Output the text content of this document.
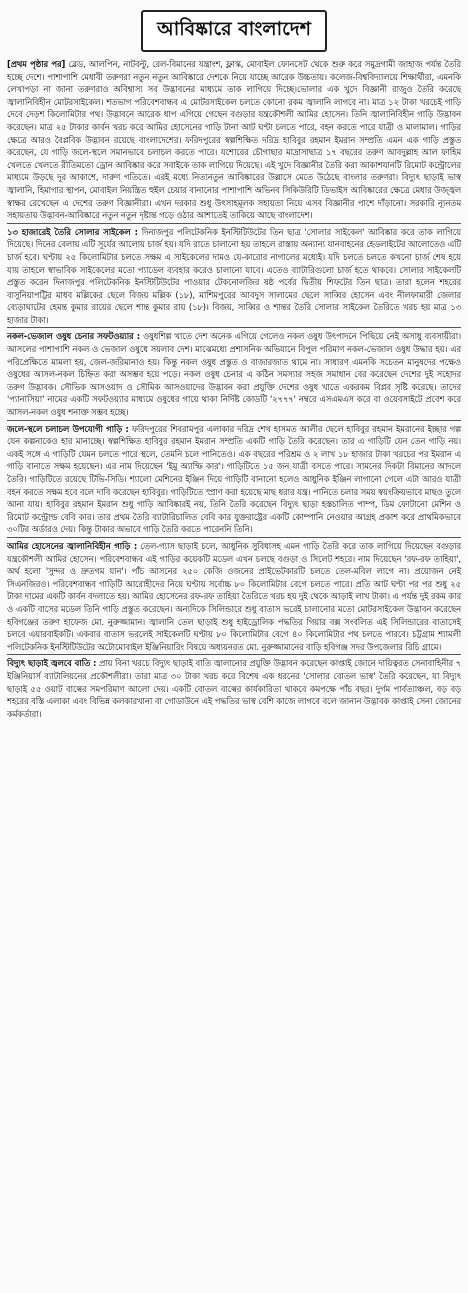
আবিষ্কারে বাংলাদেশ

[প্রথম পৃষ্ঠার পর] ব্লেড, আলপিন, নাটবল্টু, রেল-বিমানের যন্ত্রাংশ, ফ্লাস্ক, মোবাইল ফোনসেট থেকে শুরু করে সমুদ্রগামী জাহাজ পর্যন্ত তৈরি হচ্ছে দেশে। পাশাপাশি মেধাবী তরুণরা নতুন নতুন আবিষ্কারে দেশকে নিয়ে যাচ্ছে আরেক উচ্চতায়। কলেজ-বিশ্ববিদ্যালয়ে শিক্ষার্থীরা, এমনকি লেখাপড়া না জানা তরুণরাও অবিশ্বাস্য সব উদ্ভাবনের মাধ্যমে তাক লাগিয়ে দিচ্ছে।ভোলার এক খুদে বিজ্ঞানী রাজুও তৈরি করেছে জ্বালানিবিহীন মোটরসাইকেল। শতভাগ পরিবেশবান্ধব এ মোটরসাইকেল চলতে কোনো রকম জ্বালানি লাগবে না। মাত্র ১২ টাকা খরচেই গাড়ি দেবে দেড়শ কিলোমিটার পথ। উদ্ভাবনে আরেক ধাপ এগিয়ে গেছেন বগুড়ার যন্ত্রকৌশলী আমির হোসেন। তিনি জ্বালানিবিহীন গাড়ি উদ্ভাবন করেছেন। মাত্র ২৫ টাকার কার্বন খরচ করে আমির হোসেনের গাড়ি টানা আট ঘণ্টা চলতে পারে, বহন করতে পারে যাত্রী ও মালামাল। গাড়ির ক্ষেত্রে আরও বৈপ্লবিক উদ্ভাবন রয়েছে বাংলাদেশের। ফরিদপুরের স্বল্পশিক্ষিত দরিদ্র হাবিবুর রহমান ইমরান সম্প্রতি এমন এক গাড়ি প্রস্তুত করেছেন, যে গাড়ি জলে-স্থলে সমানভাবে চলাচল করতে পারে। যশোরের চৌগাছার মাদ্রাসাছাত্র ১৭ বছরের তরুণ আবদুল্লাহ আল ফাহিম খেলতে খেলতে রীতিমতো ড্রোন আবিষ্কার করে সবাইকে তাক লাগিয়ে দিয়েছে। এই খুদে বিজ্ঞানীর তৈরি করা আকাশযানটি রিমোট কন্ট্রোলের মাধ্যমে উড়ছে দূর আকাশে, দারুণ গতিতে। এরই মধ্যে নিত্যনতুন আবিষ্কারের উল্লাসে মেতে উঠেছে বাংলার তরুণরা। বিদ্যুৎ ছাড়াই ভাস্ব জ্বালানি, হিমাগার স্থাপন, মোবাইল নিয়ন্ত্রিত হুইল চেয়ার বানানোর পাশাপাশি অভিনব সিকিউরিটি ডিভাইস আবিষ্কারের ক্ষেত্রে মেধার উজ্জ্বল স্বাক্ষর রেখেছেন এ দেশের তরুণ বিজ্ঞানীরা। এখন দরকার শুধু উৎসাহমূলক সহায়তা নিয়ে এসব বিজ্ঞানীর পাশে দাঁড়ানো। সরকারি ন্যূনতম সহায়তায় উদ্ভাবন-আবিষ্কারে নতুন নতুন দৃষ্টান্ত গড়ে ওঠার আশাতেই তাকিয়ে আছে বাংলাদেশ।

১৩ হাজারেই তৈরি সোলার সাইকেল : দিনাজপুর পলিটেকনিক ইনস্টিটিউটের তিন ছাত্র 'সোলার সাইকেল' আবিষ্কার করে তাক লাগিয়ে দিয়েছে। দিনের বেলায় এটি সূর্যের আলোয় চার্জ হয়। যদি রাতে চালানো হয় তাহলে রাস্তায় অন্যান্য যানবাহনের হেডলাইটের আলোতেও এটি চার্জ হবে। ঘণ্টায় ২৫ কিলোমিটার চলতে সক্ষম এ সাইকেলের দামও যে-কারোর নাগালের মধ্যেই। যদি চলতে চলতে কখনো চার্জ শেষ হয়ে যায় তাহলে স্বাভাবিক সাইকেলের মতো প্যাডেল ব্যবহার করেও চালানো যাবে। এতেও ব্যাটারিগুলো চার্জ হতে থাকবে। সোলার সাইকেলটি প্রস্তুত করেন দিনাজপুর পলিটেকনিক ইনস্টিটিউটের পাওয়ার টেকনোলজির ষষ্ঠ পর্বের দ্বিতীয় শিফটের তিন ছাত্র। তারা হলেন শহরের বাসুনিয়াপট্টির মাধব মল্লিকের ছেলে বিজয় মল্লিক (১৮), মাশিমপুরের আবদুস সালামের ছেলে সাব্বির হোসেন এবং নীলফামারী জেলার ব্যেড়াঘাটের হেমন্ত কুমার রায়ের ছেলে শান্ত কুমার রায় (১৮)। বিজয়, সাব্বির ও শান্তর তৈরি সোলার সাইকেল তৈরিতে খরচ হয় মাত্র ১৩ হাজার টাকা।

নকল-ভেজাল ওষুধ চেনার সফটওয়্যার : ওষুধশিল্প খাতে দেশ অনেক এগিয়ে গেলেও নকল ওষুধ উৎপাদনে পিছিয়ে নেই অসাধু ব্যবসায়ীরা। আসলের পাশাপাশি নকল ও ভেজাল ওষুধে সয়লাব দেশ। মাঝেমধ্যে প্রশাসনিক অভিযানে বিপুল পরিমাণ নকল-ভেজাল ওষুধ উদ্ধার হয়। এর পরিপ্রেক্ষিতে মামলা হয়, জেল-জরিমানাও হয়। কিন্তু নকল ওষুধ প্রস্তুত ও বাজারজাত থামে না। সাধারণ এমনকি সচেতন মানুষদের পক্ষেও ওষুধের আসল-নকল চিহ্নিত করা অসম্ভব হয়ে পড়ে। নকল ওষুধ চেনার এ কঠিন সমস্যার সহজ সমাধান বের করেছেন দেশের দুই সহোদর তরুণ উদ্ভাবক। সৌভিক আসওয়াদ ও সৌমিক আসওয়াদের উদ্ভাবন করা প্রযুক্তি দেশের ওষুধ খাতে একরকম বিপ্লব সৃষ্টি করেছে। তাদের 'প্যানাসিয়া' নামের একটি সফটওয়্যার মাধ্যমে ওষুধের গায়ে থাকা নির্দিষ্ট কোডটি '২৭৭৭' নম্বরে এসএমএস করে বা ওয়েবসাইটে প্রবেশ করে আসল-নকল ওষুধ শনাক্ত সম্ভব হচ্ছে।

জলে-স্থলে চলাচল উপযোগী গাড়ি : ফরিদপুরের শিবরামপুর এলাকার দরিদ্র শেখ হাসমত আলীর ছেলে হাবিবুর রহমান ইমরানের ইচ্ছার গল্প যেন কল্পনাকেও হার মানাচ্ছে। স্বল্পশিক্ষিত হাবিবুর রহমান ইমরান সম্প্রতি একটি গাড়ি তৈরি করেছেন। তার এ গাড়িটি যেন তেন গাড়ি নয়। একই সঙ্গে এ গাড়িটি যেমন চলতে পারে স্থলে, তেমনি চলে পানিতেও। এক বছরের পরিশ্রম ও ২ লাখ ১৮ হাজার টাকা খরচের পর ইমরান এ গাড়ি বানাতে সক্ষম হয়েছেন। এর নাম দিয়েছেন 'ইমু অ্যাম্ফি কার'। গাড়িটিতে ১৫ জন যাত্রী বসতে পারে। সামনের দিকটা বিমানের আদলে তৈরি। গাড়িটিতে রয়েছে টিভি-সিডি। শ্যালো মেশিনের ইঞ্জিন দিয়ে গাড়িটি বানানো হলেও আধুনিক ইঞ্জিন লাগানো গেলে এটা আরও যাত্রী বহন করতে সক্ষম হবে বলে দাবি করেছেন হাবিবুর। গাড়িটিতে স্প্রাণ করা হয়েছে মাছ ধরার যন্ত্র। পানিতে চলার সময় স্বয়ংক্রিয়ভাবে মাছও তুলে আনা যায়। হাবিবুর রহমান ইমরান শুধু গাড়ি আবিষ্কারই নয়, তিনি তৈরি করেছেন বিদ্যুৎ ছাড়া হস্তচালিত পাম্প, ডিম ফোটানো মেশিন ও রিমোট কন্ট্রোল্ড বেবি কার। তার প্রথম তৈরি ব্যাটারিচালিত বেবি কার যুক্তরাষ্ট্রের একটি কোম্পানি নেওয়ার আগ্রহ প্রকাশ করে প্রাথমিকভাবে ৩০টির অর্ডারও দেয়। কিন্তু টাকার অভাবে গাড়ি তৈরি করতে পারেননি তিনি।

আমির হোসেনের জ্বালানিবিহীন গাড়ি : তেল-গ্যাস ছাড়াই চলে, আধুনিক সুবিধাসহ এমন গাড়ি তৈরি করে তাক লাগিয়ে দিয়েছেন বগুড়ার যন্ত্রকৌশলী আমির হোসেন। পরিবেশবান্ধব এই গাড়ির কয়েকটি মডেল এখন চলছে বগুড়া ও সিলেট শহরে। নাম দিয়েছেন 'রফ-রফ তাহিয়া', অর্থ হলো 'সুন্দর ও দ্রুতগম যান'। পাঁচ আসনের ২৫০ কেজি ওজনের প্রাইভেটকারটি চলতে তেল-মবিল লাগে না। প্রয়োজন নেই সিএনজিরও। পরিবেশবান্ধব গাড়িটি আরোহীদের নিয়ে ঘণ্টায় সর্বোচ্চ ৮০ কিলোমিটার বেগে চলতে পারে। প্রতি আট ঘণ্টা পর পর শুধু ২৫ টাকা দামের একটি কার্বন বদলাতে হয়। আমির হোসেনের রফ-রফ তাহিয়া তৈরিতে খরচ হয় দুই থেকে আড়াই লাখ টাকা। এ পর্যন্ত দুই রকম কার ও একটি বাসের মডেল তিনি গাড়ি প্রস্তুত করেছেন। অন্যদিকে সিলিন্ডারে শুধু বাতাস ভরেই চালানোর মতো মোটরসাইকেল উদ্ভাবন করেছেন হবিগঞ্জের তরুণ হাফেজ মো. নুরুজ্জামান। জ্বালানি তেল ছাড়াই শুধু হাইড্রোলিক পদ্ধতির গিয়ার বক্স সংবলিত এই সিলিন্ডারের বাতাসেই চলবে এয়ারবাইকটি। একবার বাতাস ভরলেই সাইকেলটি ঘণ্টায় ৮০ কিলোমিটার বেগে ৪০ কিলোমিটার পথ চলতে পারবে। চট্টগ্রাম শ্যামলী পলিটেকনিক ইনস্টিটিউটের অটোমোবাইল ইঞ্জিনিয়ারিং বিষয়ে অধ্যয়নরত মো. নুরুজ্জামানের বাড়ি হবিগঞ্জ সদর উপজেলার রিচি গ্রামে।

বিদ্যুৎ ছাড়াই জ্বলবে বাতি : প্রায় বিনা খরচে বিদ্যুৎ ছাড়াই বাতি জ্বালানোর প্রযুক্তি উদ্ভাবন করেছেন কাপ্তাই জোনে দায়িত্বরত সেনাবাহিনীর ৭ ইঞ্জিনিয়ার্স ব্যাটালিয়নের প্রকৌশলীরা। তারা মাত্র ৩০ টাকা খরচ করে বিশেষ এক ধরনের 'সোলার বোতল ভাস্ব' তৈরি করেছেন, যা বিদ্যুৎ ছাড়াই ৫৫ ওয়াট বাল্বের সমপরিমাণ আলো দেয়। একটি বোতল বাল্বের কার্যকারিতা থাকবে কমপক্ষে পাঁচ বছর। দুর্গম পার্বত্যাঞ্চল, বড় বড় শহরের বস্তি এলাকা এবং বিভিন্ন কলকারখানা বা গোডাউনে এই পদ্ধতির ভাস্ব বেশি কাজে লাগবে বলে জানান উদ্ভাবক কাপ্তাই সেনা জোনের কর্মকর্তারা।
